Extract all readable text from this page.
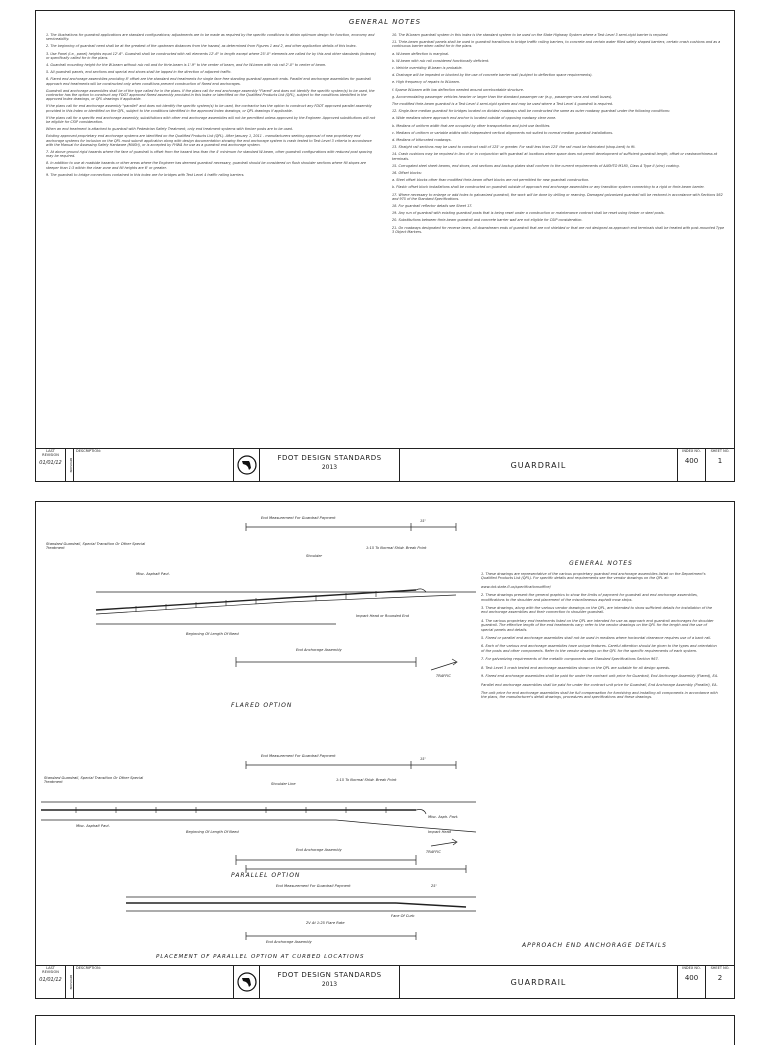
GENERAL NOTES

1. The illustrations for guardrail applications are standard configurations; adjustments are to be made as required by the specific conditions to attain optimum design for function, economy and serviceability.

2. The beginning of guardrail need shall be at the greatest of the upstream distances from the hazard, as determined from Figures 1 and 2, and other application details of this Index.

3. Use Panel (i.e., panel) heights equal 12'-6". Guardrail shall be constructed with rail elements 12'-6" in length except where 25'-0" elements are called for by this and other standards (indexes) or specifically called for in the plans.

4. Guardrail mounting height for the W-beam without rub rail and for thrie-beam is 1'-9" to the center of beam, and for W-beam with rub rail 2'-0" to center of beam.

5. All guardrail panels, end sections and special end shoes shall be lapped in the direction of adjacent traffic.

6. Flared end anchorage assemblies providing 8' offset are the standard end treatments for single face free standing guardrail approach ends. Parallel end anchorage assemblies for guardrail approach end treatments will be constructed only when conditions prevent construction of flared end anchorages.

Guardrail and anchorage assemblies shall be of the type called for in the plans. If the plans call for end anchorage assembly "Flared" and does not identify the specific system(s) to be used, the contractor has the option to construct any FDOT approved flared assembly provided in this Index or identified on the Qualified Products List (QPL), subject to the conditions identified in the approved Index drawings, or QPL drawings if applicable.

If the plans call for end anchorage assembly "parallel" and does not identify the specific system(s) to be used, the contractor has the option to construct any FDOT approved parallel assembly provided in this Index or identified on the QPL, subject to the conditions identified in the approved Index drawings, or QPL drawings if applicable.

If the plans call for a specific end anchorage assembly, substitutions with other end anchorage assemblies will not be permitted unless approved by the Engineer. Approved substitutions will not be eligible for CSIP consideration.

When an end treatment is attached to guardrail with Pedestrian Safety Treatment, only end treatment systems with timber posts are to be used.

Existing approved proprietary end anchorage systems are identified on the Qualified Products List (QPL). After January 1, 2011 - manufacturers seeking approval of new proprietary end anchorage systems for inclusion on the QPL must submit application along with design documentation showing the end anchorage system is crash tested to Test Level 3 criteria in accordance with the Manual for Assessing Safety Hardware (MASH), or is accepted by FHWA for use as a guardrail end anchorage system.

7. At above ground rigid hazards where the face of guardrail is offset from the hazard less than the 4' minimum for standard W-beam, other guardrail configurations with reduced post spacing may be required.

8. In addition to use at roadside hazards or other areas where the Engineer has deemed guardrail necessary, guardrail should be considered on flush shoulder sections where fill slopes are steeper than 1:3 within the clear zone and fill heights are 6' or greater.

9. The guardrail to bridge connections contained in this index are for bridges with Test Level 4 traffic railing barriers.

10. The W-beam guardrail system in this index is the standard system to be used on the State Highway System where a Test Level 3 semi-rigid barrier is required.

11. Thrie-beam guardrail panels shall be used in guardrail transitions to bridge traffic railing barriers, to concrete and certain water filled safety shaped barriers, certain crash cushions and as a continuous barrier when called for in the plans.

a. W-beam deflection is marginal.

b. W-beam with rub rail considered functionally deficient.

c. Vehicle overriding W-beam is probable.

d. Drainage will be impeded or blocked by the use of concrete barrier wall (subject to deflection space requirements).

e. High frequency of repairs to W-beam.

f. Sparse W-beam with low deflection needed around unrelocatable structure.

g. Accommodating passenger vehicles heavier or larger than the standard passenger car (e.g., passenger vans and small buses).

The modified thrie-beam guardrail is a Test Level 4 semi-rigid system and may be used where a Test Level 4 guardrail is required.

12. Single-face median guardrail for bridges located on divided roadways shall be constructed the same as outer roadway guardrail under the following conditions:

a. Wide medians where approach end anchor is located outside of opposing roadway clear zone.

b. Medians of uniform width that are occupied by other transportation and joint use facilities.

c. Medians of uniform or variable widths with independent vertical alignments not suited to normal median guardrail installations.

d. Medians of bifurcated roadways.

13. Straight rail sections may be used to construct radii of 125' or greater. For radii less than 125' the rail must be fabricated (shop-bent) to fit.

14. Crash cushions may be required in lieu of or in conjunction with guardrail at locations where space does not permit development of sufficient guardrail length, offset or crashworthiness at terminals.

15. Corrugated steel sheet beams, end shoes, and sections and backup plates shall conform to the current requirements of AASHTO M180, Class A Type II (zinc) coating.

16. Offset blocks:

a. Steel offset blocks other than modified thrie-beam offset blocks are not permitted for new guardrail construction.

b. Plastic offset block installations shall be constructed on guardrail outside of approach end anchorage assemblies or any transition system connecting to a rigid or thrie-beam barrier.

17. Where necessary to enlarge or add holes to galvanized guardrail, the work will be done by drilling or reaming. Damaged galvanized guardrail will be restored in accordance with Sections 562 and 975 of the Standard Specifications.

18. For guardrail reflector details see Sheet 17.

19. Any run of guardrail with existing guardrail posts that is being reset under a construction or maintenance contract shall be reset using timber or steel posts.

20. Substitutions between thrie-beam guardrail and concrete barrier wall are not eligible for CSIP consideration.

21. On roadways designated for reverse lanes, all downstream ends of guardrail that are not shielded or that are not designed as approach end terminals shall be treated with post-mounted Type 3 Object Markers.

LAST
REVISION
01/01/12	REVISION
DESCRIPTION:
FDOT DESIGN STANDARDS
2013	GUARDRAIL
INDEX NO.
400
SHEET NO.
1
End Measurement For Guardrail Payment
15'
Standard Guardrail, Special Transition Or Other Special Treatment
Misc. Asphalt Pavt.
Shoulder
1:15 To Normal Shldr. Break Point
Impact Head or Rounded End
Beginning Of Length Of Need
End Anchorage Assembly
TRAFFIC
FLARED OPTION
End Measurement For Guardrail Payment
15'
Standard Guardrail, Special Transition Or Other Special Treatment	Shoulder Line
1:15 To Normal Shldr. Break Point
Misc. Asphalt Pavt.
Misc. Asph. Pavt.
Impact Head
Beginning Of Length Of Need
End Anchorage Assembly	TRAFFIC
PARALLEL OPTION
End Measurement For Guardrail Payment	25'
Face Of Curb
2V At 1:25 Flare Rate
End Anchorage Assembly
PLACEMENT OF PARALLEL OPTION AT CURBED LOCATIONS
GENERAL NOTES

1. These drawings are representative of the various proprietary guardrail end anchorage assemblies listed on the Department's Qualified Products List (QPL). For specific details and requirements see the vendor drawings on the QPL at:

www.dot.state.fl.us/specificationsoffice/

2. These drawings present the general graphics to show the limits of payment for guardrail and end anchorage assemblies, modifications to the shoulder and placement of the miscellaneous asphalt mow strips.

3. These drawings, along with the various vendor drawings on the QPL, are intended to show sufficient details for installation of the end anchorage assemblies and their connection to shoulder guardrail.

4. The various proprietary end treatments listed on the QPL are intended for use as approach end guardrail anchorages for shoulder guardrail. The effective length of the end treatments vary; refer to the vendor drawings on the QPL for the length and the use of special panels and details.

5. Flared or parallel end anchorage assemblies shall not be used in medians where horizontal clearance requires use of a back rail.

6. Each of the various end anchorage assemblies have unique features. Careful attention should be given to the types and orientation of the posts and other components. Refer to the vendor drawings on the QPL for the specific requirements of each system.

7. For galvanizing requirements of the metallic components see Standard Specifications Section 967.

8. Test Level 3 crash tested end anchorage assemblies shown on the QPL are suitable for all design speeds.

9. Flared end anchorage assemblies shall be paid for under the contract unit price for Guardrail, End Anchorage Assembly (Flared), EA.

Parallel end anchorage assemblies shall be paid for under the contract unit price for Guardrail, End Anchorage Assembly (Parallel), EA.

The unit price for end anchorage assemblies shall be full compensation for furnishing and installing all components in accordance with the plans, the manufacturer's detail drawings, procedures and specifications and these drawings.

APPROACH END ANCHORAGE DETAILS
LAST
REVISION
01/01/12	REVISION
DESCRIPTION:
FDOT DESIGN STANDARDS
2013	GUARDRAIL
INDEX NO.
400
SHEET NO.
2
